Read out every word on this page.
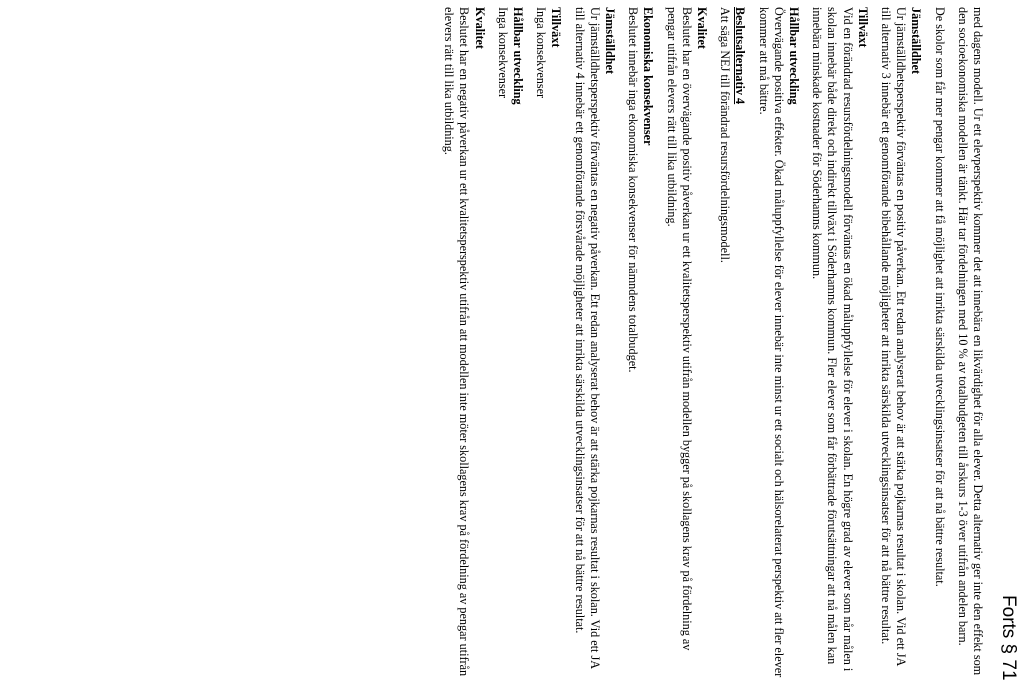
Forts § 71

med dagens modell. Ur ett elevperspektiv kommer det att innebära en likvärdighet för alla elever. Detta alternativ ger inte den effekt som den socioekonomiska modellen är tänkt. Här tar fördelningen med 10 % av totalbudgeten till årskurs 1-3 över utifrån andelen barn.

De skolor som får mer pengar kommer att få möjlighet att inrikta särskilda utvecklingsinsatser för att nå bättre resultat.

Jämställdhet

Ur jämställdhetsperspektiv förväntas en positiv påverkan. Ett redan analyserat behov är att stärka pojkarnas resultat i skolan. Vid ett JA till alternativ 3 innebär ett genomförande bibehållande möjligheter att inrikta särskilda utvecklingsinsatser för att nå bättre resultat.

Tillväxt

Vid en förändrad resursfördelningsmodell förväntas en ökad måluppfyllelse för elever i skolan. En högre grad av elever som når målen i skolan innebär både direkt och indirekt tillväxt i Söderhamns kommun. Fler elever som får förbättrade förutsättningar att nå målen kan innebära minskade kostnader för Söderhamns kommun.

Hållbar utveckling

Övervägande positiva effekter. Ökad måluppfyllelse för elever innebär inte minst ur ett socialt och hälsorelaterat perspektiv att fler elever kommer att må bättre.

Beslutsalternativ 4

Att säga NEJ till förändrad resursfördelningsmodell.

Kvalitet

Beslutet har en övervägande positiv påverkan ur ett kvalitetsperspektiv utifrån modellen bygger på skollagens krav på fördelning av pengar utifrån elevers rätt till lika utbildning.

Ekonomiska konsekvenser

Beslutet innebär inga ekonomiska konsekvenser för nämndens totalbudget.

Jämställdhet

Ur jämställdhetsperspektiv förväntas en negativ påverkan. Ett redan analyserat behov är att stärka pojkarnas resultat i skolan. Vid ett JA till alternativ 4 innebär ett genomförande försvårade möjligheter att inrikta särskilda utvecklingsinsatser för att nå bättre resultat.

Tillväxt

Inga konsekvenser

Hållbar utveckling

Inga konsekvenser

Kvalitet

Beslutet har en negativ påverkan ur ett kvalitetsperspektiv utifrån att modellen inte möter skollagens krav på fördelning av pengar utifrån elevers rätt till lika utbildning.
